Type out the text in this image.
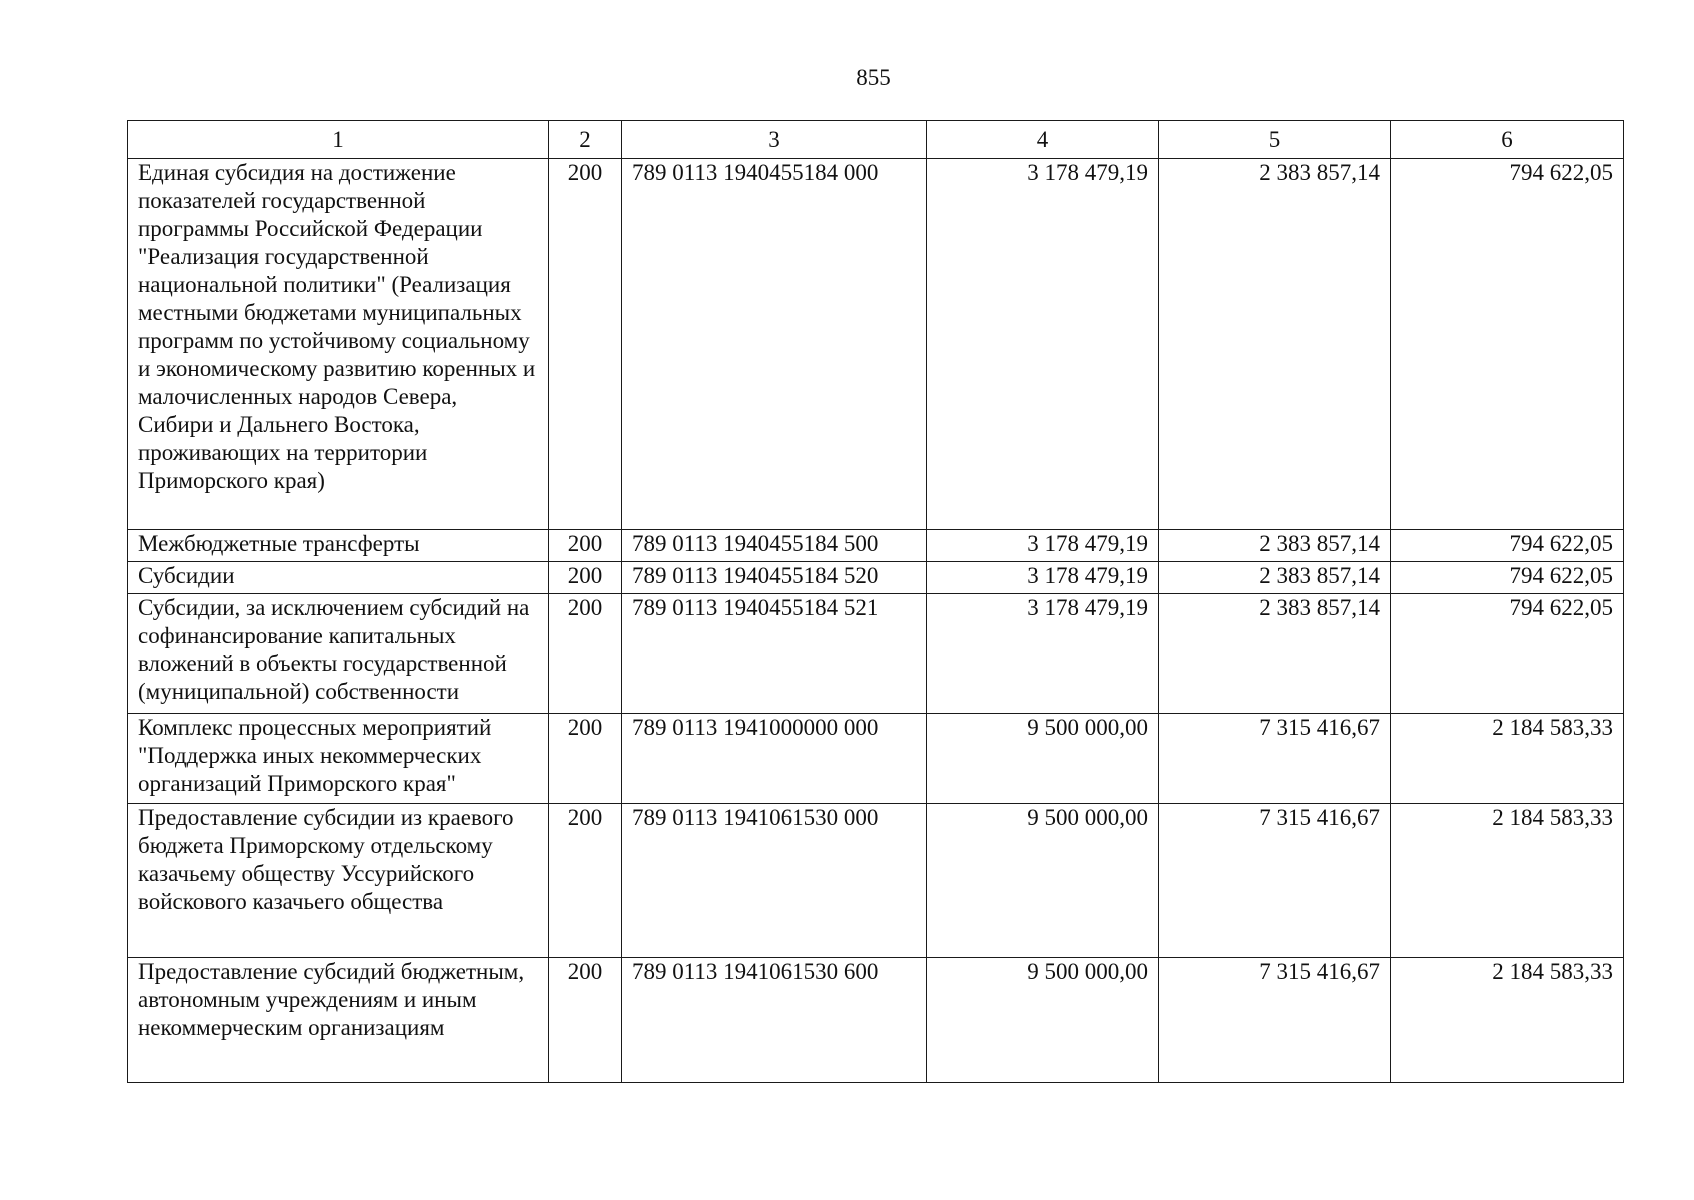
855
1	2	3	4	5	6
Единая субсидия на достижение показателей государственной программы Российской Федерации "Реализация государственной национальной политики" (Реализация местными бюджетами муниципальных программ по устойчивому социальному и экономическому развитию коренных и малочисленных народов Севера, Сибири и Дальнего Востока, проживающих на территории Приморского края)	200	789 0113 1940455184 000	3 178 479,19	2 383 857,14	794 622,05
Межбюджетные трансферты	200	789 0113 1940455184 500	3 178 479,19	2 383 857,14	794 622,05
Субсидии	200	789 0113 1940455184 520	3 178 479,19	2 383 857,14	794 622,05
Субсидии, за исключением субсидий на софинансирование капитальных вложений в объекты государственной (муниципальной) собственности	200	789 0113 1940455184 521	3 178 479,19	2 383 857,14	794 622,05
Комплекс процессных мероприятий "Поддержка иных некоммерческих организаций Приморского края"	200	789 0113 1941000000 000	9 500 000,00	7 315 416,67	2 184 583,33
Предоставление субсидии из краевого бюджета Приморскому отдельскому казачьему обществу Уссурийского войскового казачьего общества	200	789 0113 1941061530 000	9 500 000,00	7 315 416,67	2 184 583,33
Предоставление субсидий бюджетным, автономным учреждениям и иным некоммерческим организациям	200	789 0113 1941061530 600	9 500 000,00	7 315 416,67	2 184 583,33
